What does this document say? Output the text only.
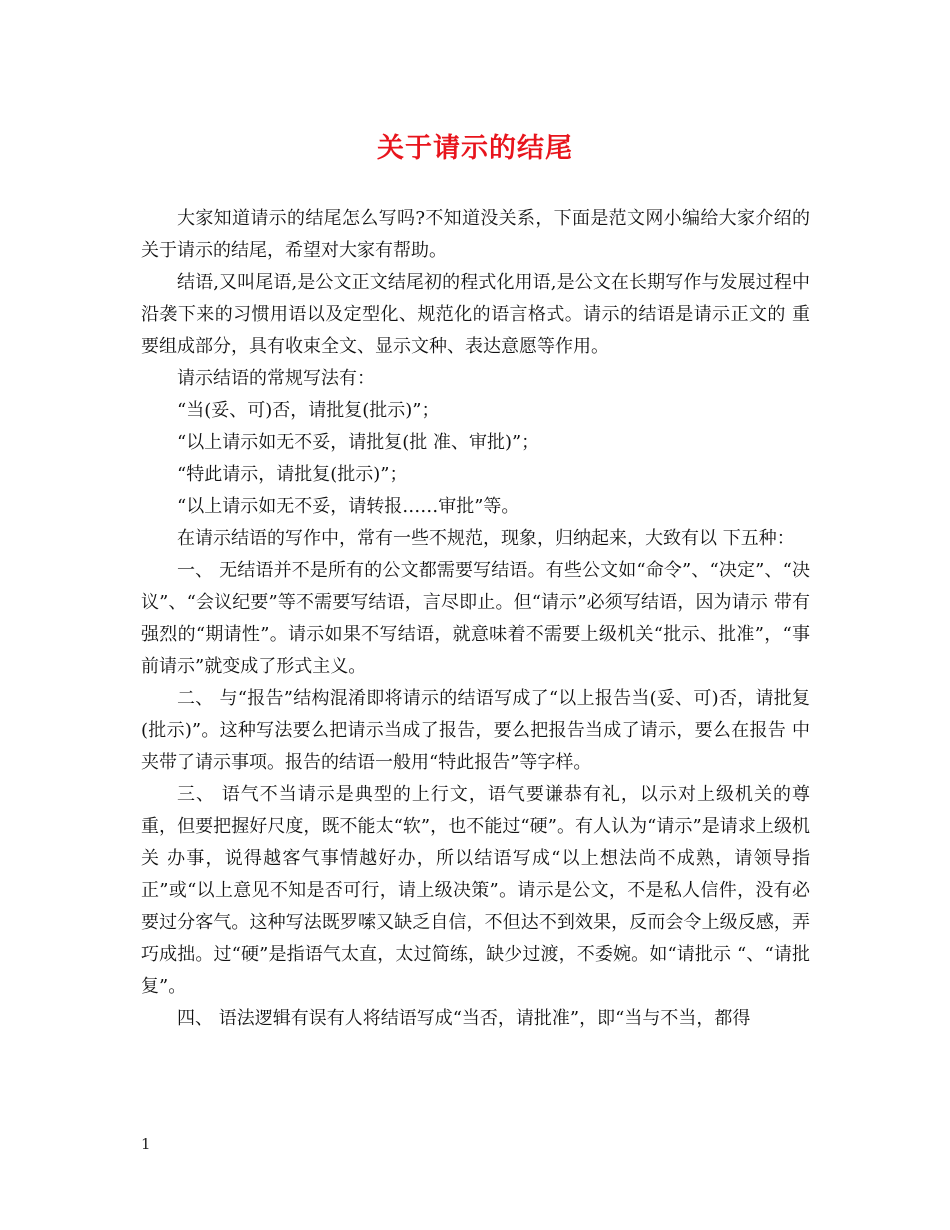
关于请示的结尾

大家知道请示的结尾怎么写吗?不知道没关系，下面是范文网小编给大家介绍的关于请示的结尾，希望对大家有帮助。

结语,又叫尾语,是公文正文结尾初的程式化用语,是公文在长期写作与发展过程中沿袭下来的习惯用语以及定型化、规范化的语言格式。请示的结语是请示正文的 重要组成部分，具有收束全文、显示文种、表达意愿等作用。

请示结语的常规写法有：

“当(妥、可)否，请批复(批示)”；

“以上请示如无不妥，请批复(批 准、审批)”；

“特此请示，请批复(批示)”；

“以上请示如无不妥，请转报……审批”等。

在请示结语的写作中，常有一些不规范，现象，归纳起来，大致有以 下五种：

一、 无结语并不是所有的公文都需要写结语。有些公文如“命令”、“决定”、“决议”、“会议纪要”等不需要写结语，言尽即止。但“请示”必须写结语，因为请示 带有强烈的“期请性”。请示如果不写结语，就意味着不需要上级机关“批示、批准”，“事前请示”就变成了形式主义。

二、 与“报告”结构混淆即将请示的结语写成了“以上报告当(妥、可)否，请批复(批示)”。这种写法要么把请示当成了报告，要么把报告当成了请示，要么在报告 中夹带了请示事项。报告的结语一般用“特此报告”等字样。

三、 语气不当请示是典型的上行文，语气要谦恭有礼，以示对上级机关的尊重，但要把握好尺度，既不能太“软”，也不能过“硬”。有人认为“请示”是请求上级机关 办事，说得越客气事情越好办，所以结语写成“以上想法尚不成熟，请领导指正”或“以上意见不知是否可行，请上级决策”。请示是公文，不是私人信件，没有必 要过分客气。这种写法既罗嗦又缺乏自信，不但达不到效果，反而会令上级反感，弄巧成拙。过“硬”是指语气太直，太过简练，缺少过渡，不委婉。如“请批示 “、“请批复”。

四、 语法逻辑有误有人将结语写成“当否，请批准”，即“当与不当，都得

1
